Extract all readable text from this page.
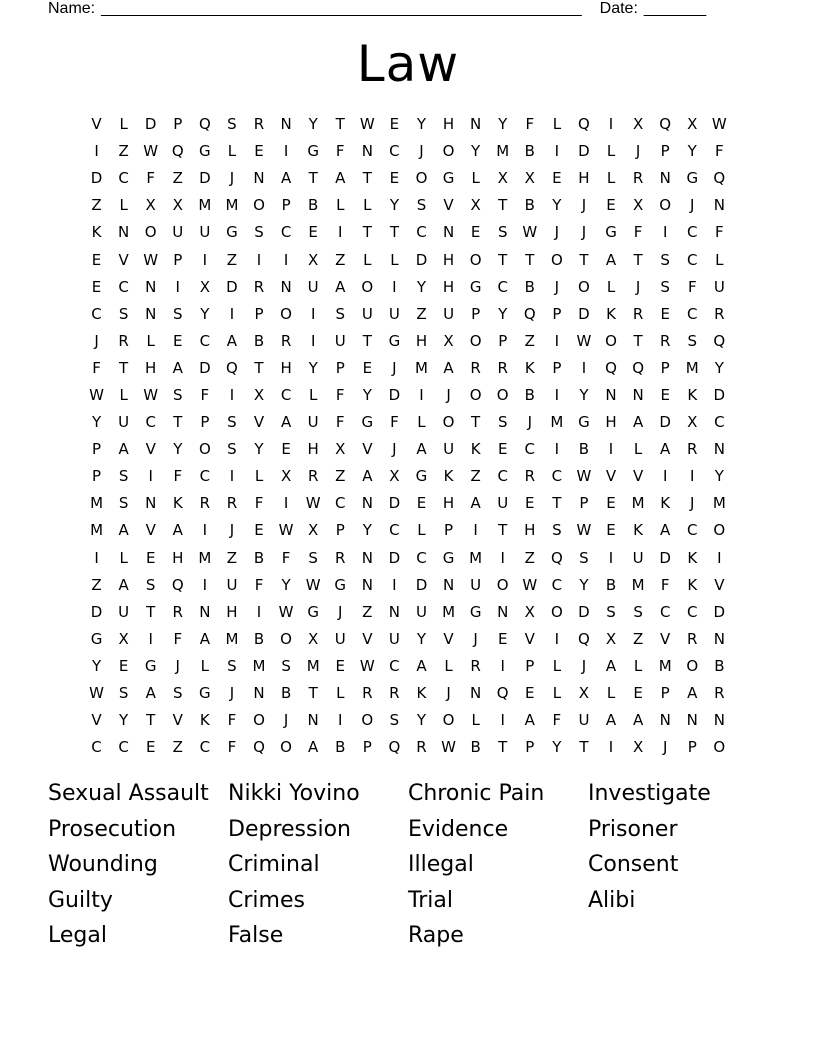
Name: ______________________________________________________ Date: _______
Law
V	L	D	P	Q	S	R	N	Y	T	W E	Y	H	N	Y	F	L	Q	I	X	Q	X W
I	Z W Q	G	L	E	I	G	F	N	C	J	O	Y	M	B	I	D	L	J	P	Y	F
D	C	F	Z	D	J	N	A	T	A	T	E	O	G	L	X	X	E	H	L	R	N	G	Q
Z	L	X	X	M M O	P	B	L	L	Y	S	V	X	T	B	Y	J	E	X	O	J	N
K	N	O	U	U	G	S	C	E	I	T	T	C	N	E	S W	J	J	G	F	I	C	F
E	V W	P	I	Z	I	I	X	Z	L	L	D	H	O	T	T	O	T	A	T	S	C	L
E	C	N	I	X	D	R	N	U	A	O	I	Y	H	G	C	B	J	O	L	J	S	F	U
C	S	N	S	Y	I	P	O	I	S	U	U	Z	U	P	Y	Q	P	D	K	R	E	C	R
J	R	L	E	C	A	B	R	I	U	T	G	H	X	O	P	Z	I	W O	T	R	S	Q
F	T	H	A	D	Q	T	H	Y	P	E	J	M	A	R	R	K	P	I	Q	Q	P	M	Y
W	L	W S	F	I	X	C	L	F	Y	D	I	J	O	O	B	I	Y	N	N	E	K	D
Y	U	C	T	P	S	V	A	U	F	G	F	L	O	T	S	J	M G	H	A	D	X	C
P	A	V	Y	O	S	Y	E	H	X	V	J	A	U	K	E	C	I	B	I	L	A	R	N
P	S	I	F	C	I	L	X	R	Z	A	X	G	K	Z	C	R	C W V	V	I	I	Y
M	S	N	K	R	R	F	I	W C	N	D	E	H	A	U	E	T	P	E	M	K	J	M
M	A	V	A	I	J	E W X	P	Y	C	L	P	I	T	H	S W E	K	A	C	O
I	L	E	H M	Z	B	F	S	R	N	D	C	G M	I	Z	Q	S	I	U	D	K	I
Z	A	S	Q	I	U	F	Y	W G	N	I	D	N	U	O W C	Y	B	M	F	K	V
D	U	T	R	N	H	I	W G	J	Z	N	U	M G	N	X	O	D	S	S	C	C	D
G	X	I	F	A	M	B	O	X	U	V	U	Y	V	J	E	V	I	Q	X	Z	V	R	N
Y	E	G	J	L	S	M	S	M	E W C	A	L	R	I	P	L	J	A	L	M O	B
W S	A	S	G	J	N	B	T	L	R	R	K	J	N	Q	E	L	X	L	E	P	A	R
V	Y	T	V	K	F	O	J	N	I	O	S	Y	O	L	I	A	F	U	A	A	N	N	N
C	C	E	Z	C	F	Q	O	A	B	P	Q	R W B	T	P	Y	T	I	X	J	P	O
Sexual Assault
Prosecution
Wounding
Guilty
Legal
Nikki Yovino
Depression
Criminal
Crimes
False
Chronic Pain
Evidence
Illegal
Trial
Rape
Investigate
Prisoner
Consent
Alibi
